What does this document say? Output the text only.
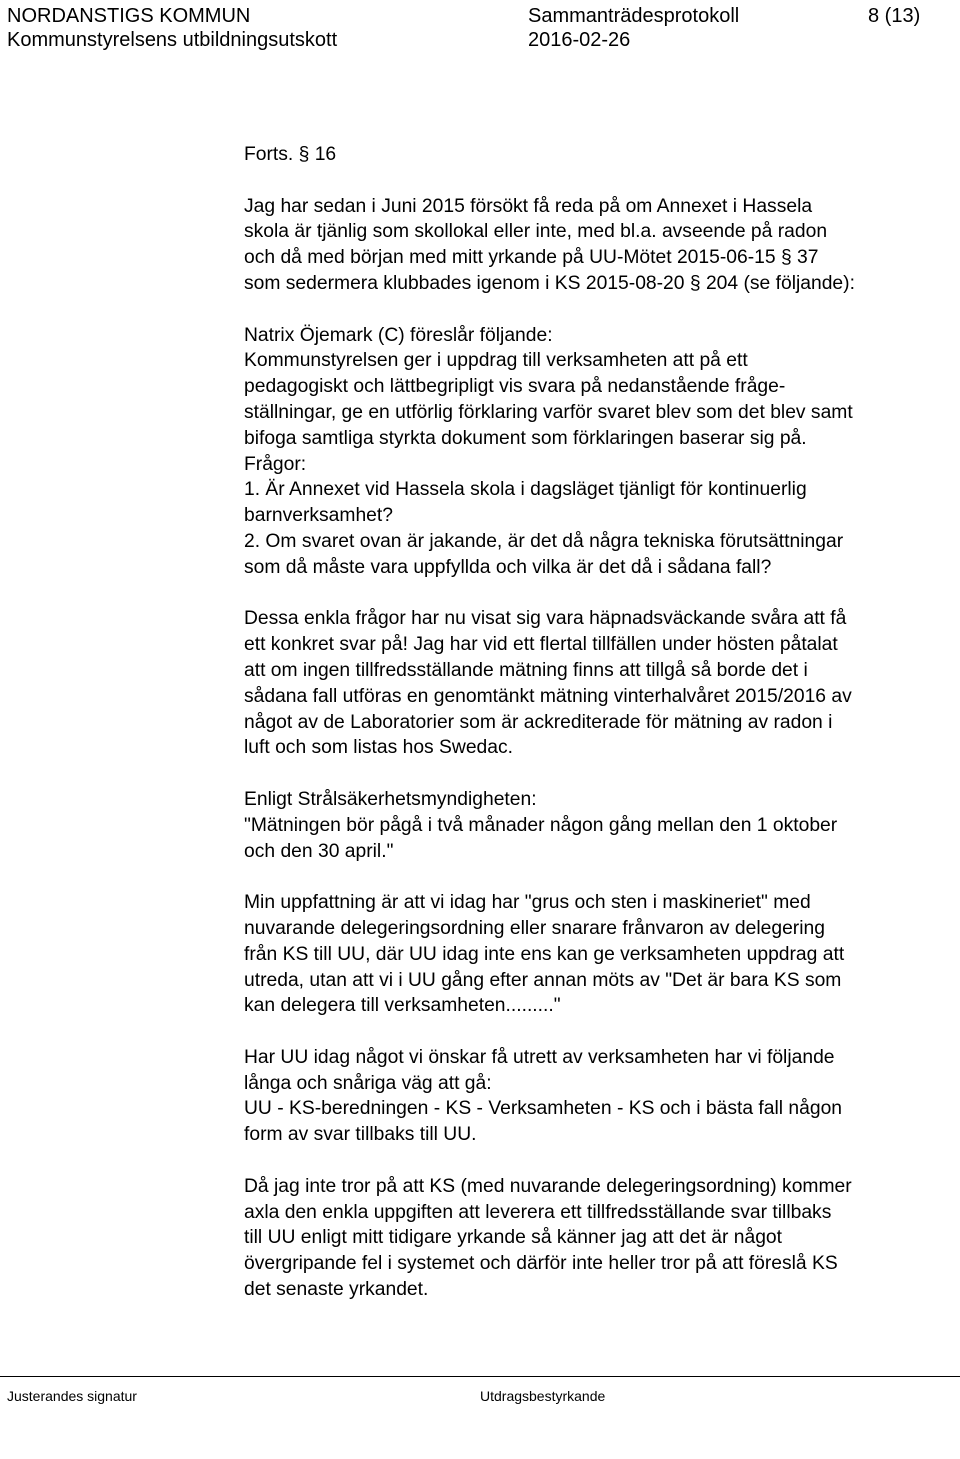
NORDANSTIGS KOMMUN
Kommunstyrelsens utbildningsutskott
Sammanträdesprotokoll
2016-02-26
8 (13)
Forts. § 16
Jag har sedan i Juni 2015 försökt få reda på om Annexet i Hassela
skola är tjänlig som skollokal eller inte, med bl.a. avseende på radon
och då med början med mitt yrkande på UU-Mötet 2015-06-15 § 37
som sedermera klubbades igenom i KS 2015-08-20 § 204 (se följande):
Natrix Öjemark (C) föreslår följande:
Kommunstyrelsen ger i uppdrag till verksamheten att på ett
pedagogiskt och lättbegripligt vis svara på nedanstående fråge-
ställningar, ge en utförlig förklaring varför svaret blev som det blev samt
bifoga samtliga styrkta dokument som förklaringen baserar sig på.
Frågor:
1. Är Annexet vid Hassela skola i dagsläget tjänligt för kontinuerlig
barnverksamhet?
2. Om svaret ovan är jakande, är det då några tekniska förutsättningar
som då måste vara uppfyllda och vilka är det då i sådana fall?
Dessa enkla frågor har nu visat sig vara häpnadsväckande svåra att få
ett konkret svar på! Jag har vid ett flertal tillfällen under hösten påtalat
att om ingen tillfredsställande mätning finns att tillgå så borde det i
sådana fall utföras en genomtänkt mätning vinterhalvåret 2015/2016 av
något av de Laboratorier som är ackrediterade för mätning av radon i
luft och som listas hos Swedac.
Enligt Strålsäkerhetsmyndigheten:
"Mätningen bör pågå i två månader någon gång mellan den 1 oktober
och den 30 april."
Min uppfattning är att vi idag har "grus och sten i maskineriet" med
nuvarande delegeringsordning eller snarare frånvaron av delegering
från KS till UU, där UU idag inte ens kan ge verksamheten uppdrag att
utreda, utan att vi i UU gång efter annan möts av "Det är bara KS som
kan delegera till verksamheten........."
Har UU idag något vi önskar få utrett av verksamheten har vi följande
långa och snåriga väg att gå:
UU - KS-beredningen - KS - Verksamheten - KS och i bästa fall någon
form av svar tillbaks till UU.
Då jag inte tror på att KS (med nuvarande delegeringsordning) kommer
axla den enkla uppgiften att leverera ett tillfredsställande svar tillbaks
till UU enligt mitt tidigare yrkande så känner jag att det är något
övergripande fel i systemet och därför inte heller tror på att föreslå KS
det senaste yrkandet.
Justerandes signatur	Utdragsbestyrkande
